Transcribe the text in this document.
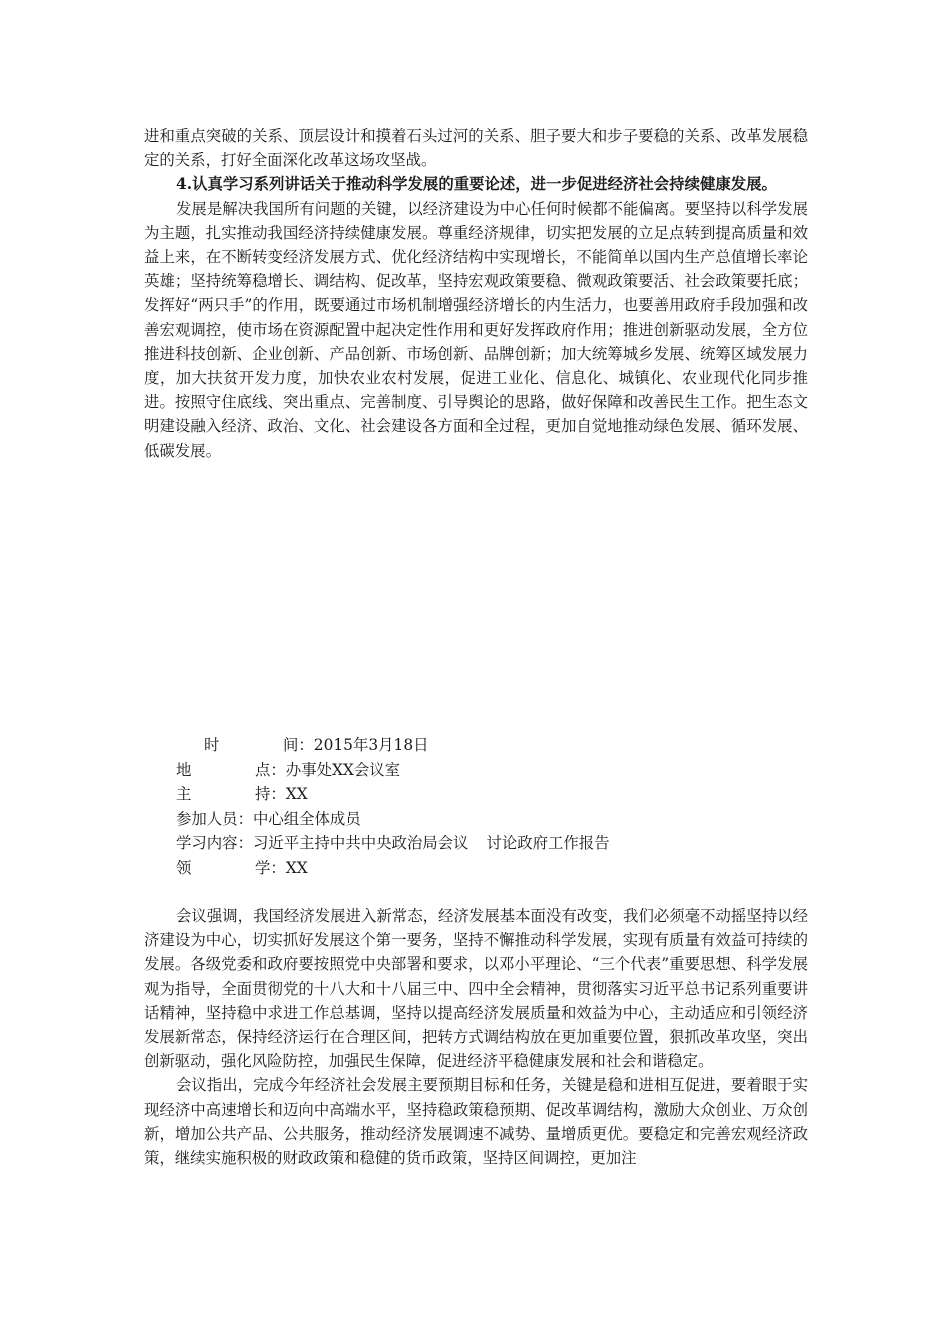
进和重点突破的关系、顶层设计和摸着石头过河的关系、胆子要大和步子要稳的关系、改革发展稳定的关系，打好全面深化改革这场攻坚战。

4.认真学习系列讲话关于推动科学发展的重要论述，进一步促进经济社会持续健康发展。

发展是解决我国所有问题的关键，以经济建设为中心任何时候都不能偏离。要坚持以科学发展为主题，扎实推动我国经济持续健康发展。尊重经济规律，切实把发展的立足点转到提高质量和效益上来，在不断转变经济发展方式、优化经济结构中实现增长，不能简单以国内生产总值增长率论英雄；坚持统筹稳增长、调结构、促改革，坚持宏观政策要稳、微观政策要活、社会政策要托底；发挥好“两只手”的作用，既要通过市场机制增强经济增长的内生活力，也要善用政府手段加强和改善宏观调控，使市场在资源配置中起决定性作用和更好发挥政府作用；推进创新驱动发展，全方位推进科技创新、企业创新、产品创新、市场创新、品牌创新；加大统筹城乡发展、统筹区域发展力度，加大扶贫开发力度，加快农业农村发展，促进工业化、信息化、城镇化、农业现代化同步推进。按照守住底线、突出重点、完善制度、引导舆论的思路，做好保障和改善民生工作。把生态文明建设融入经济、政治、文化、社会建设各方面和全过程，更加自觉地推动绿色发展、循环发展、低碳发展。

时	间：2015年3月18日
地	点：办事处XX会议室
主	持：XX
参加人员：中心组全体成员
学习内容：习近平主持中共中央政治局会议 讨论政府工作报告
领	学：XX

会议强调，我国经济发展进入新常态，经济发展基本面没有改变，我们必须毫不动摇坚持以经济建设为中心，切实抓好发展这个第一要务，坚持不懈推动科学发展，实现有质量有效益可持续的发展。各级党委和政府要按照党中央部署和要求，以邓小平理论、“三个代表”重要思想、科学发展观为指导，全面贯彻党的十八大和十八届三中、四中全会精神，贯彻落实习近平总书记系列重要讲话精神，坚持稳中求进工作总基调，坚持以提高经济发展质量和效益为中心，主动适应和引领经济发展新常态，保持经济运行在合理区间，把转方式调结构放在更加重要位置，狠抓改革攻坚，突出创新驱动，强化风险防控，加强民生保障，促进经济平稳健康发展和社会和谐稳定。

会议指出，完成今年经济社会发展主要预期目标和任务，关键是稳和进相互促进，要着眼于实现经济中高速增长和迈向中高端水平，坚持稳政策稳预期、促改革调结构，激励大众创业、万众创新，增加公共产品、公共服务，推动经济发展调速不减势、量增质更优。要稳定和完善宏观经济政策，继续实施积极的财政政策和稳健的货币政策，坚持区间调控，更加注
